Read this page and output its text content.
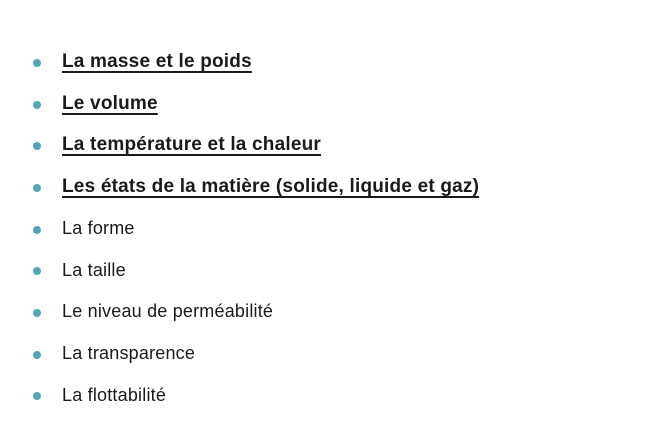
La masse et le poids
Le volume
La température et la chaleur
Les états de la matière (solide, liquide et gaz)
La forme
La taille
Le niveau de perméabilité
La transparence
La flottabilité
